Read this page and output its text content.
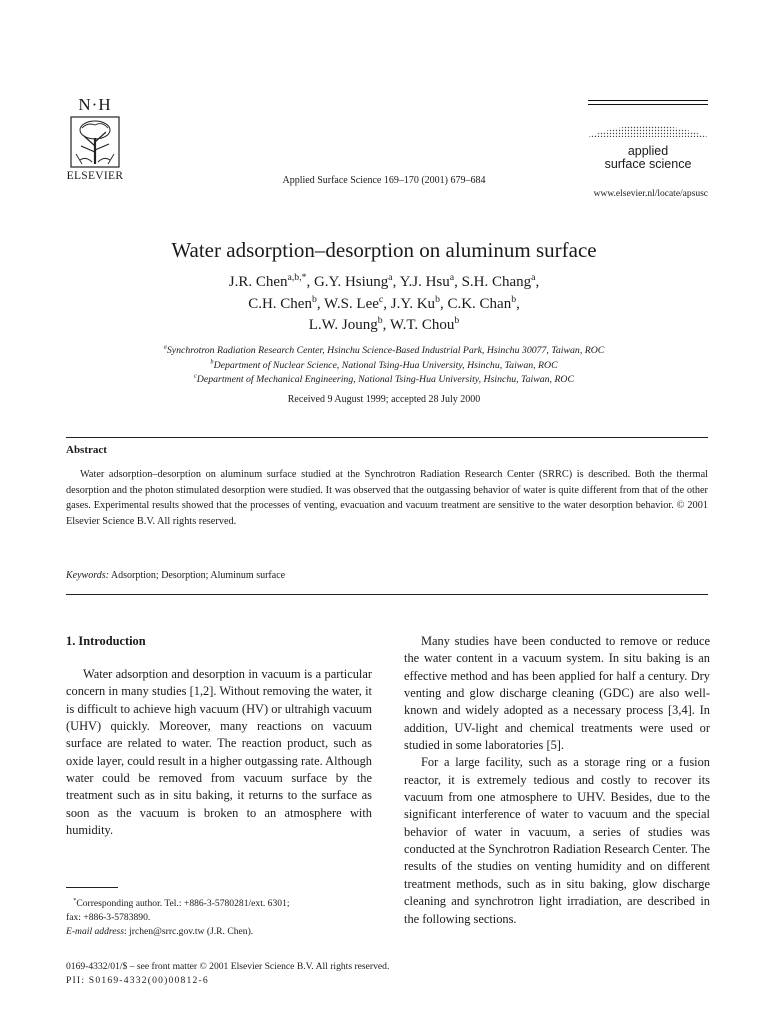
N·H
ELSEVIER	Applied Surface Science 169–170 (2001) 679–684
applied
surface science
www.elsevier.nl/locate/apsusc
Water adsorption–desorption on aluminum surface
J.R. Chen$^{a,b,*}$, G.Y. Hsiung$^a$, Y.J. Hsu$^a$, S.H. Chang$^a$,
C.H. Chen$^b$, W.S. Lee$^c$, J.Y. Ku$^b$, C.K. Chan$^b$,
L.W. Joung$^b$, W.T. Chou$^b$
$^a$Synchrotron Radiation Research Center, Hsinchu Science-Based Industrial Park, Hsinchu 30077, Taiwan, ROC
$^b$Department of Nuclear Science, National Tsing-Hua University, Hsinchu, Taiwan, ROC
$^c$Department of Mechanical Engineering, National Tsing-Hua University, Hsinchu, Taiwan, ROC
Received 9 August 1999; accepted 28 July 2000
Abstract
Water adsorption–desorption on aluminum surface studied at the Synchrotron Radiation Research Center (SRRC) is described. Both the thermal desorption and the photon stimulated desorption were studied. It was observed that the outgassing behavior of water is quite different from that of the other gases. Experimental results showed that the processes of venting, evacuation and vacuum treatment are sensitive to the water desorption behavior. © 2001 Elsevier Science B.V. All rights reserved.
Keywords: Adsorption; Desorption; Aluminum surface
1. Introduction

Water adsorption and desorption in vacuum is a particular concern in many studies [1,2]. Without removing the water, it is difficult to achieve high vacuum (HV) or ultrahigh vacuum (UHV) quickly. Moreover, many reactions on vacuum surface are related to water. The reaction product, such as oxide layer, could result in a higher outgassing rate. Although water could be removed from vacuum surface by the treatment such as in situ baking, it returns to the surface as soon as the vacuum is broken to an atmosphere with humidity.

Many studies have been conducted to remove or reduce the water content in a vacuum system. In situ baking is an effective method and has been applied for half a century. Dry venting and glow discharge cleaning (GDC) are also well-known and widely adopted as a necessary process [3,4]. In addition, UV-light and chemical treatments were used or studied in some laboratories [5].

For a large facility, such as a storage ring or a fusion reactor, it is extremely tedious and costly to recover its vacuum from one atmosphere to UHV. Besides, due to the significant interference of water to vacuum and the special behavior of water in vacuum, a series of studies was conducted at the Synchrotron Radiation Research Center. The results of the studies on venting humidity and on different treatment methods, such as in situ baking, glow discharge cleaning and synchrotron light irradiation, are described in the following sections.

*Corresponding author. Tel.: +886-3-5780281/ext. 6301;
fax: +886-3-5783890.
E-mail address: jrchen@srrc.gov.tw (J.R. Chen).
0169-4332/01/$ – see front matter © 2001 Elsevier Science B.V. All rights reserved.
PII: S0169-4332(00)00812-6
